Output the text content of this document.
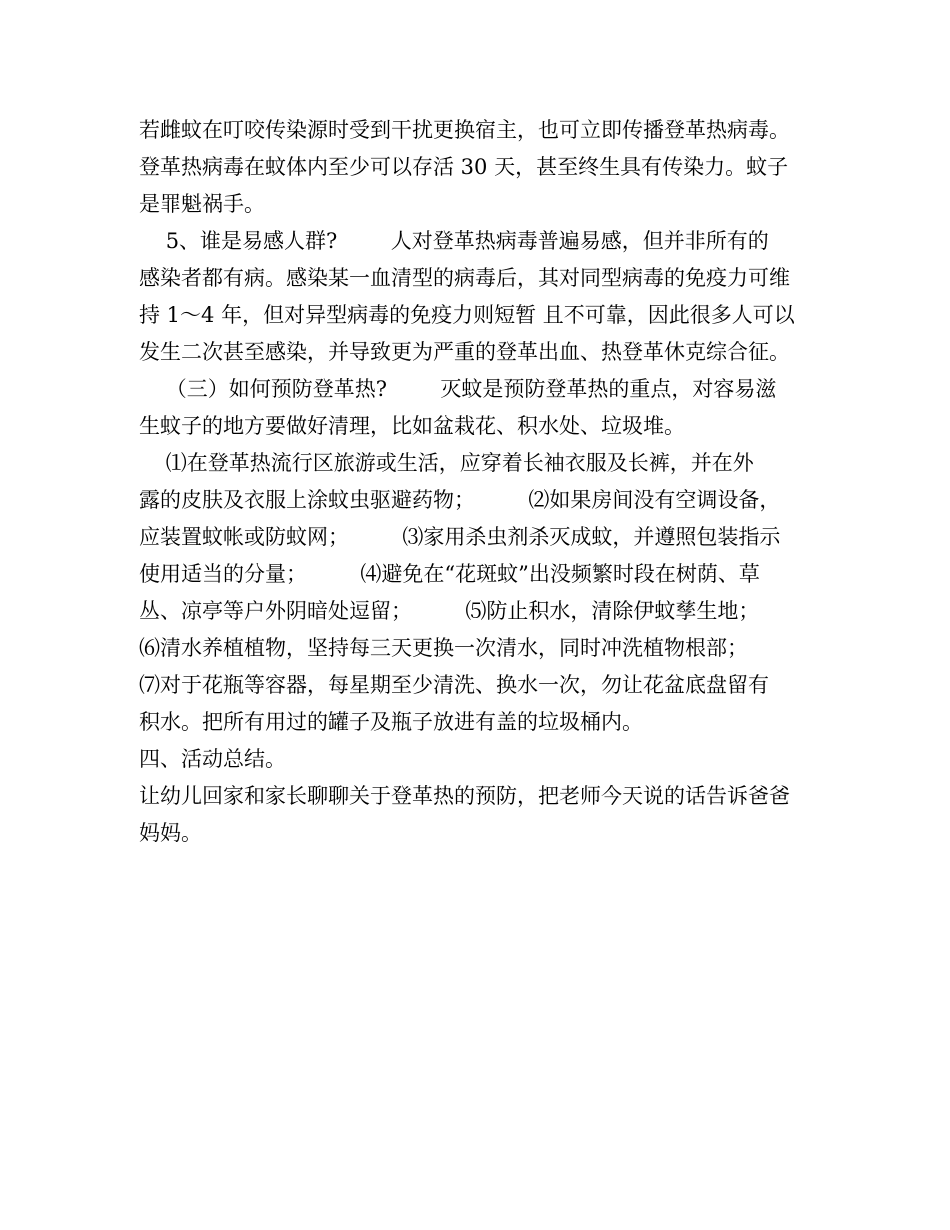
若雌蚊在叮咬传染源时受到干扰更换宿主，也可立即传播登革热病毒。
登革热病毒在蚊体内至少可以存活 30 天，甚至终生具有传染力。蚊子
是罪魁祸手。
5、谁是易感人群?        人对登革热病毒普遍易感，但并非所有的
感染者都有病。感染某一血清型的病毒后，其对同型病毒的免疫力可维
持 1～4 年，但对异型病毒的免疫力则短暂 且不可靠，因此很多人可以
发生二次甚至感染，并导致更为严重的登革出血、热登革休克综合征。
（三）如何预防登革热?        灭蚊是预防登革热的重点，对容易滋
生蚊子的地方要做好清理，比如盆栽花、积水处、垃圾堆。
⑴在登革热流行区旅游或生活，应穿着长袖衣服及长裤，并在外
露的皮肤及衣服上涂蚊虫驱避药物；        ⑵如果房间没有空调设备，
应装置蚊帐或防蚊网；        ⑶家用杀虫剂杀灭成蚊，并遵照包装指示
使用适当的分量；        ⑷避免在“花斑蚊”出没频繁时段在树荫、草
丛、凉亭等户外阴暗处逗留；        ⑸防止积水，清除伊蚊孳生地；
⑹清水养植植物，坚持每三天更换一次清水，同时冲洗植物根部；
⑺对于花瓶等容器，每星期至少清洗、换水一次，勿让花盆底盘留有
积水。把所有用过的罐子及瓶子放进有盖的垃圾桶内。
四、活动总结。
让幼儿回家和家长聊聊关于登革热的预防，把老师今天说的话告诉爸爸
妈妈。
